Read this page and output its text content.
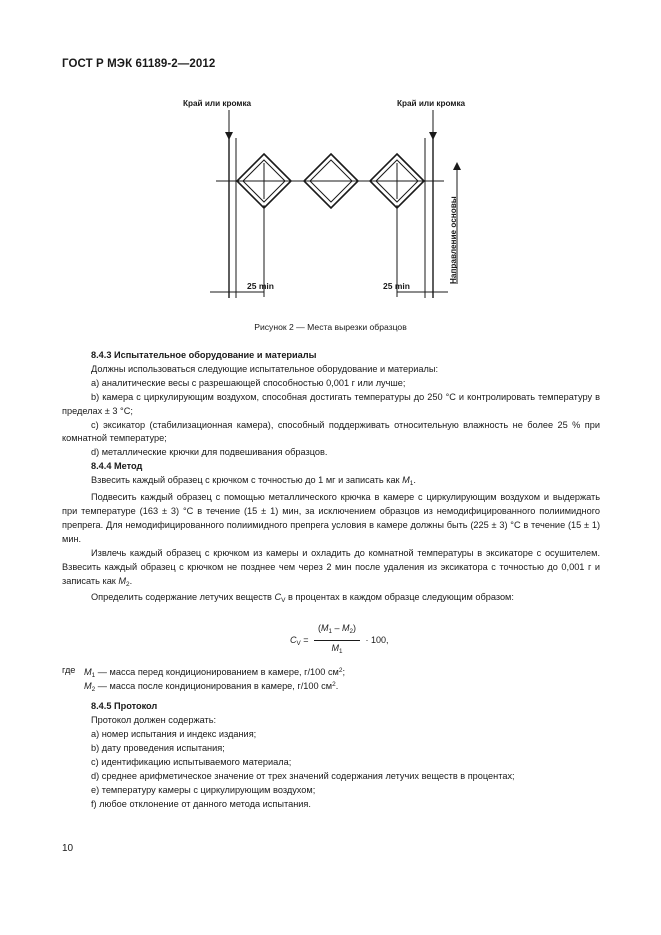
ГОСТ Р МЭК 61189-2—2012
Край или кромка	Край или кромка
25 min	25 min
Направление основы
Рисунок 2 — Места вырезки образцов
8.4.3 Испытательное оборудование и материалы
Должны использоваться следующие испытательное оборудование и материалы:
a) аналитические весы с разрешающей способностью 0,001 г или лучше;
b) камера с циркулирующим воздухом, способная достигать температуры до 250 °С и контролировать температуру в пределах ± 3 °С;
c) эксикатор (стабилизационная камера), способный поддерживать относительную влажность не более 25 % при комнатной температуре;
d) металлические крючки для подвешивания образцов.
8.4.4 Метод
Взвесить каждый образец с крючком с точностью до 1 мг и записать как $M_1$.
Подвесить каждый образец с помощью металлического крючка в камере с циркулирующим воздухом и выдержать при температуре (163 ± 3) °С в течение (15 ± 1) мин, за исключением образцов из немодифицированного полиимидного препрега. Для немодифицированного полиимидного препрега условия в камере должны быть (225 ± 3) °С в течение (15 ± 1) мин.
Извлечь каждый образец с крючком из камеры и охладить до комнатной температуры в эксикаторе с осушителем. Взвесить каждый образец с крючком не позднее чем через 2 мин после удаления из эксикатора с точностью до 0,001 г и записать как $M_2$.
Определить содержание летучих веществ $C_V$ в процентах в каждом образце следующим образом:
$C_V = \frac{(M_1 - M_2)}{M_1} \cdot 100$,
где $M_1$ — масса перед кондиционированием в камере, г/100 $см^2$;
$M_2$ — масса после кондиционирования в камере, г/100 $см^2$.
8.4.5 Протокол
Протокол должен содержать:
a) номер испытания и индекс издания;
b) дату проведения испытания;
c) идентификацию испытываемого материала;
d) среднее арифметическое значение от трех значений содержания летучих веществ в процентах;
e) температуру камеры с циркулирующим воздухом;
f) любое отклонение от данного метода испытания.
10
